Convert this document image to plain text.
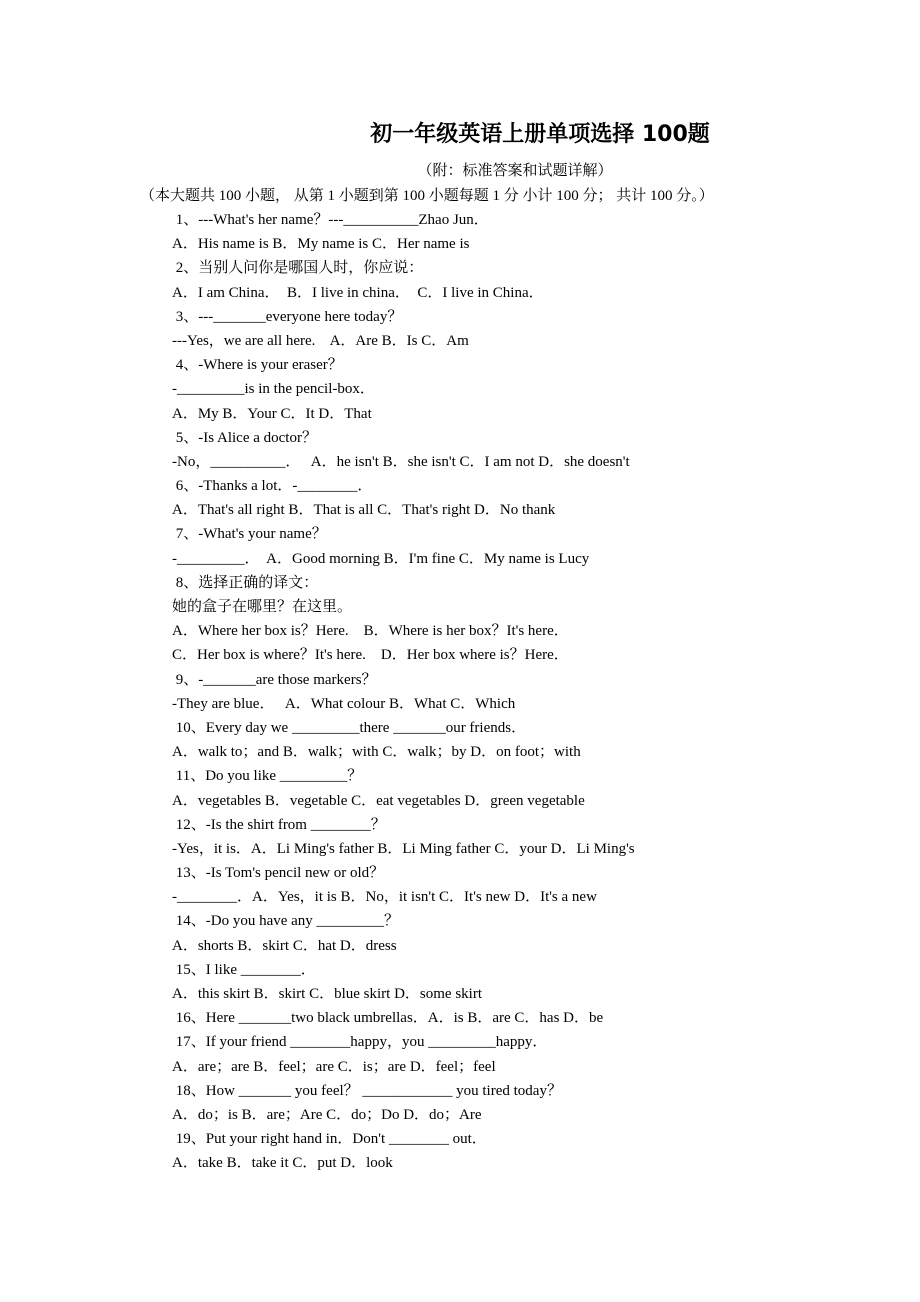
初一年级英语上册单项选择 100题
（附：标准答案和试题详解）
（本大题共 100 小题， 从第 1 小题到第 100 小题每题 1 分 小计 100 分； 共计 100 分。）
1、---What's her name？---__________Zhao Jun．
A．His name is B．My name is C．Her name is
2、当别人问你是哪国人时，你应说：
A．I am China．  B．I live in china．  C．I live in China．
3、---_______everyone here today？
---Yes，we are all here.    A．Are B．Is C．Am
4、-Where is your eraser？
-_________is in the pencil-box．
A．My B．Your C．It D．That
5、-Is Alice a doctor？
-No，__________．   A．he isn't B．she isn't C．I am not D．she doesn't
6、-Thanks a lot．-________．
A．That's all right B．That is all C．That's right D．No thank
7、-What's your name？
-_________．  A．Good morning B．I'm fine C．My name is Lucy
8、选择正确的译文：
她的盒子在哪里？在这里。
A．Where her box is？Here.    B．Where is her box？It's here．
C．Her box is where？It's here.    D．Her box where is？Here．
9、-_______are those markers？
-They are blue．   A．What colour B．What C．Which
10、Every day we _________there _______our friends．
A．walk to；and B．walk；with C．walk；by D．on foot；with
11、Do you like _________？
A．vegetables B．vegetable C．eat vegetables D．green vegetable
12、-Is the shirt from ________？
-Yes，it is．A．Li Ming's father B．Li Ming father C．your D．Li Ming's
13、-Is Tom's pencil new or old？
-________．A．Yes，it is B．No，it isn't C．It's new D．It's a new
14、-Do you have any _________？
A．shorts B．skirt C．hat D．dress
15、I like ________．
A．this skirt B．skirt C．blue skirt D．some skirt
16、Here _______two black umbrellas．A．is B．are C．has D．be
17、If your friend ________happy，you _________happy．
A．are；are B．feel；are C．is；are D．feel；feel
18、How _______ you feel？ ____________ you tired today？
A．do；is B．are；Are C．do；Do D．do；Are
19、Put your right hand in．Don't ________ out．
A．take B．take it C．put D．look
